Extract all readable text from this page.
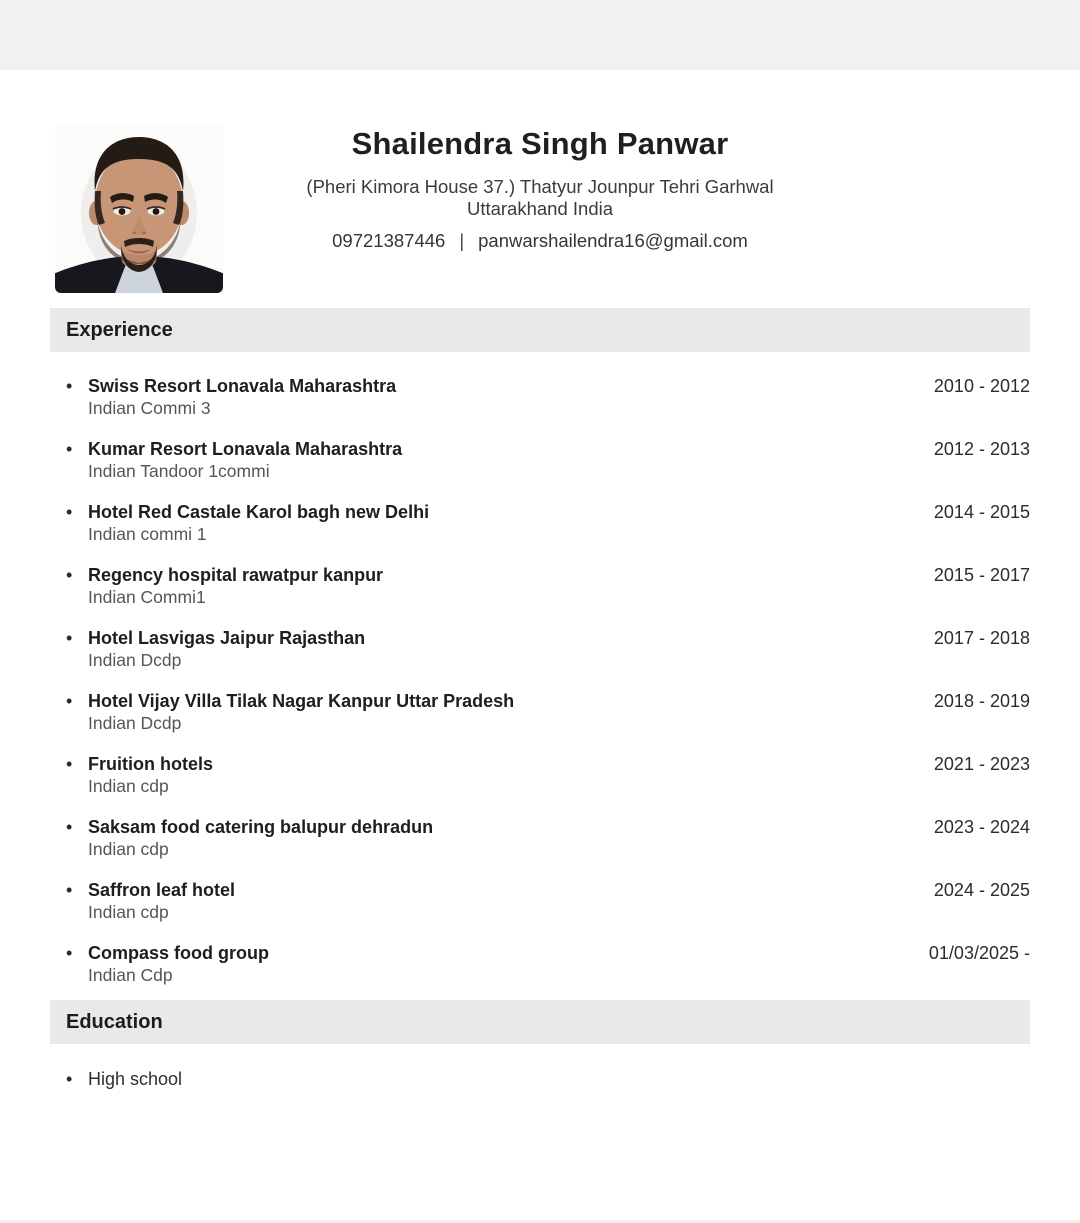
Shailendra Singh Panwar
(Pheri Kimora House 37.) Thatyur Jounpur Tehri Garhwal
Uttarakhand India
09721387446 | panwarshailendra16@gmail.com
Experience
• Swiss Resort Lonavala Maharashtra
Indian Commi 3
2010 - 2012
• Kumar Resort Lonavala Maharashtra
Indian Tandoor 1commi
2012 - 2013
• Hotel Red Castale Karol bagh new Delhi
Indian commi 1
2014 - 2015
• Regency hospital rawatpur kanpur
Indian Commi1
2015 - 2017
• Hotel Lasvigas Jaipur Rajasthan
Indian Dcdp
2017 - 2018
• Hotel Vijay Villa Tilak Nagar Kanpur Uttar Pradesh
Indian Dcdp
2018 - 2019
• Fruition hotels
Indian cdp
2021 - 2023
• Saksam food catering balupur dehradun
Indian cdp
2023 - 2024
• Saffron leaf hotel
Indian cdp
2024 - 2025
• Compass food group
Indian Cdp
01/03/2025 -
Education
• High school
